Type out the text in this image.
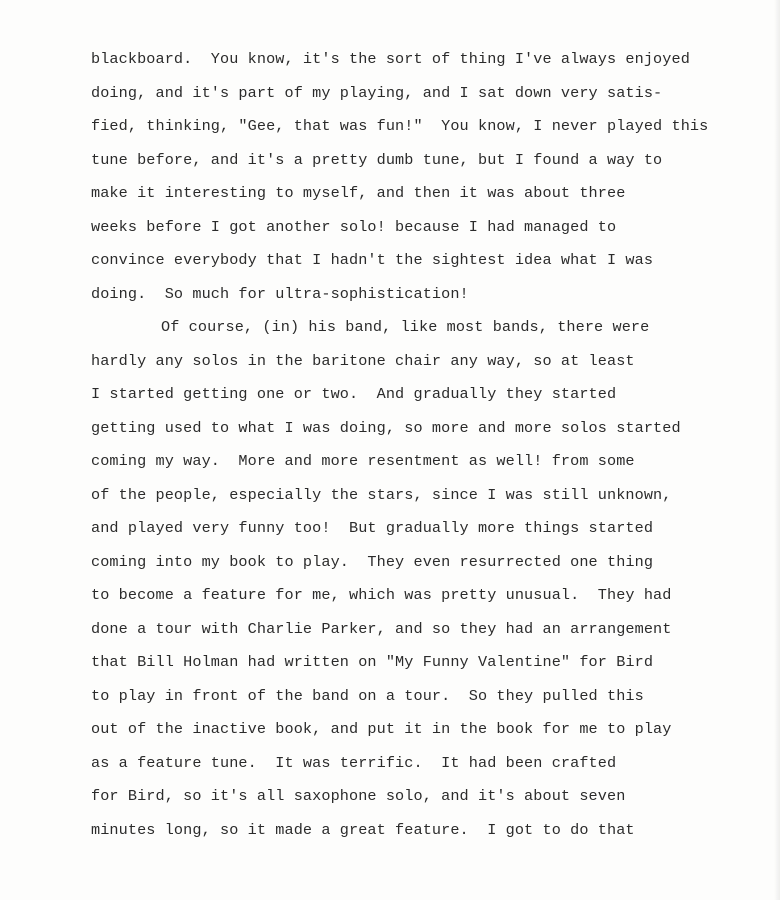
blackboard.  You know, it's the sort of thing I've always enjoyed
doing, and it's part of my playing, and I sat down very satis-
fied, thinking, "Gee, that was fun!"  You know, I never played this
tune before, and it's a pretty dumb tune, but I found a way to
make it interesting to myself, and then it was about three
weeks before I got another solo! because I had managed to
convince everybody that I hadn't the sightest idea what I was
doing.  So much for ultra-sophistication!
Of course, (in) his band, like most bands, there were
hardly any solos in the baritone chair any way, so at least
I started getting one or two.  And gradually they started
getting used to what I was doing, so more and more solos started
coming my way.  More and more resentment as well! from some
of the people, especially the stars, since I was still unknown,
and played very funny too!  But gradually more things started
coming into my book to play.  They even resurrected one thing
to become a feature for me, which was pretty unusual.  They had
done a tour with Charlie Parker, and so they had an arrangement
that Bill Holman had written on "My Funny Valentine" for Bird
to play in front of the band on a tour.  So they pulled this
out of the inactive book, and put it in the book for me to play
as a feature tune.  It was terrific.  It had been crafted
for Bird, so it's all saxophone solo, and it's about seven
minutes long, so it made a great feature.  I got to do that
